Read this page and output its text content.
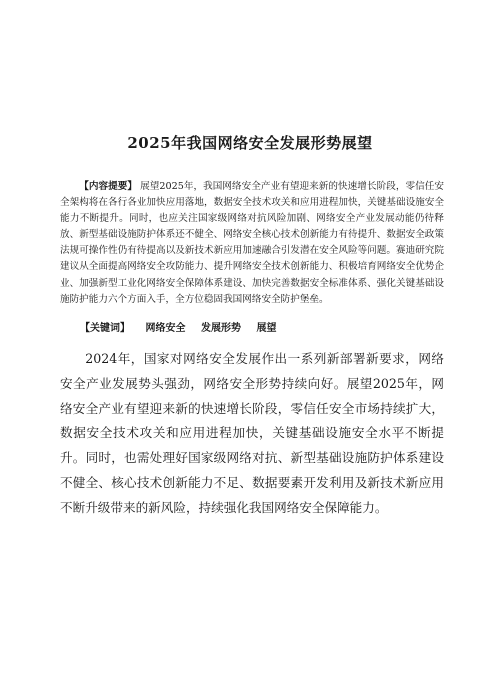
2025年我国网络安全发展形势展望
【内容提要】 展望2025年，我国网络安全产业有望迎来新的快速增长阶段，零信任安全架构将在各行各业加快应用落地，数据安全技术攻关和应用进程加快，关键基础设施安全能力不断提升。同时，也应关注国家级网络对抗风险加剧、网络安全产业发展动能仍待释放、新型基础设施防护体系还不健全、网络安全核心技术创新能力有待提升、数据安全政策法规可操作性仍有待提高以及新技术新应用加速融合引发潜在安全风险等问题。赛迪研究院建议从全面提高网络安全攻防能力、提升网络安全技术创新能力、积极培育网络安全优势企业、加强新型工业化网络安全保障体系建设、加快完善数据安全标准体系、强化关键基础设施防护能力六个方面入手，全方位稳固我国网络安全防护堡垒。
【关键词】 网络安全 发展形势 展望
2024年，国家对网络安全发展作出一系列新部署新要求，网络安全产业发展势头强劲，网络安全形势持续向好。展望2025年，网络安全产业有望迎来新的快速增长阶段，零信任安全市场持续扩大，数据安全技术攻关和应用进程加快，关键基础设施安全水平不断提升。同时，也需处理好国家级网络对抗、新型基础设施防护体系建设不健全、核心技术创新能力不足、数据要素开发利用及新技术新应用不断升级带来的新风险，持续强化我国网络安全保障能力。
